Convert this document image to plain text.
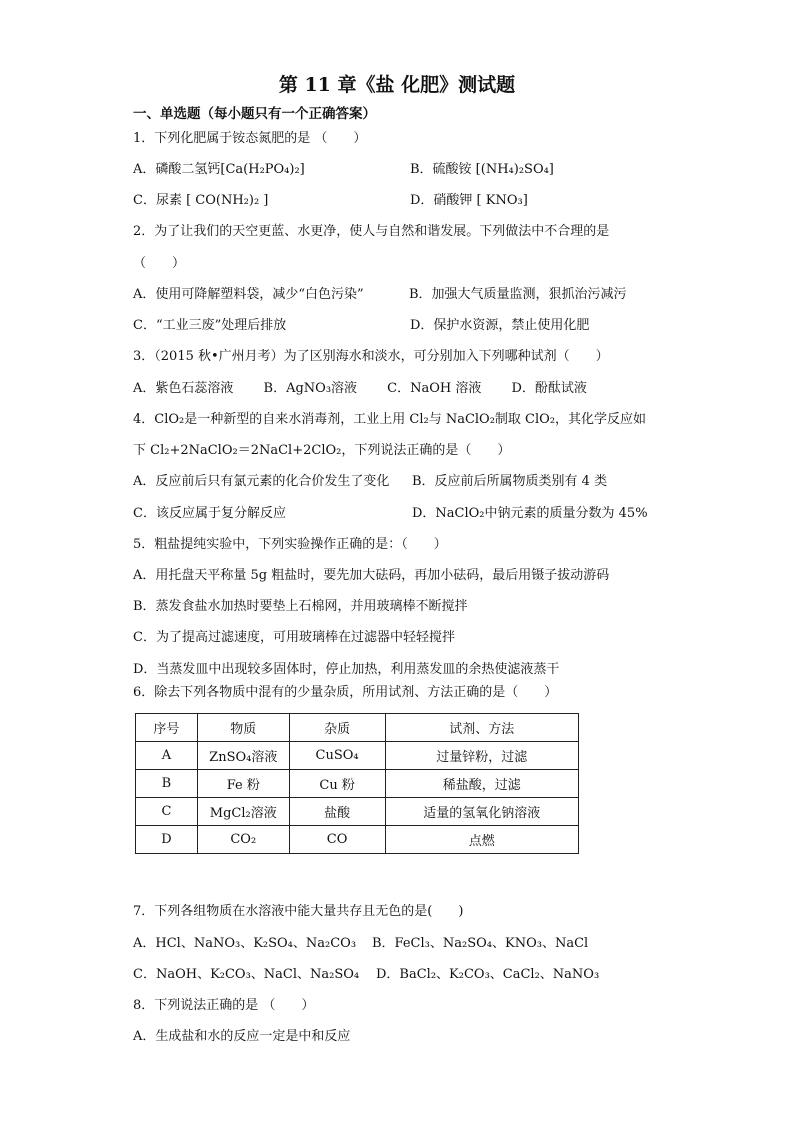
第 11 章《盐 化肥》测试题
一、单选题（每小题只有一个正确答案）
1．下列化肥属于铵态氮肥的是 （　　）
A．磷酸二氢钙[Ca(H₂PO₄)₂]	B．硫酸铵 [(NH₄)₂SO₄]
C．尿素 [ CO(NH₂)₂ ]	D．硝酸钾 [ KNO₃]
2．为了让我们的天空更蓝、水更净，使人与自然和谐发展。下列做法中不合理的是
（　　）
A．使用可降解塑料袋，减少“白色污染”	B．加强大气质量监测，狠抓治污减污
C．“工业三废”处理后排放	D．保护水资源，禁止使用化肥
3．（2015 秋•广州月考）为了区别海水和淡水，可分别加入下列哪种试剂（　　）
A．紫色石蕊溶液　　 B．AgNO₃溶液　　 C．NaOH 溶液　　 D．酚酞试液
4．ClO₂是一种新型的自来水消毒剂，工业上用 Cl₂与 NaClO₂制取 ClO₂，其化学反应如
下 Cl₂+2NaClO₂＝2NaCl+2ClO₂，下列说法正确的是（　　）
A．反应前后只有氯元素的化合价发生了变化 B．反应前后所属物质类别有 4 类
C．该反应属于复分解反应	D．NaClO₂中钠元素的质量分数为 45%
5．粗盐提纯实验中，下列实验操作正确的是：（　　）
A．用托盘天平称量 5g 粗盐时，要先加大砝码，再加小砝码，最后用镊子拔动游码
B．蒸发食盐水加热时要垫上石棉网，并用玻璃棒不断搅拌
C．为了提高过滤速度，可用玻璃棒在过滤器中轻轻搅拌
D．当蒸发皿中出现较多固体时，停止加热，利用蒸发皿的余热使滤液蒸干
6．除去下列各物质中混有的少量杂质，所用试剂、方法正确的是（　　）
序号	物质	杂质	试剂、方法
A	ZnSO₄溶液	CuSO₄	过量锌粉，过滤
B	Fe 粉	Cu 粉	稀盐酸，过滤
C	MgCl₂溶液	盐酸	适量的氢氧化钠溶液
D	CO₂	CO	点燃
7．下列各组物质在水溶液中能大量共存且无色的是(　　)
A．HCl、NaNO₃、K₂SO₄、Na₂CO₃ B．FeCl₃、Na₂SO₄、KNO₃、NaCl
C．NaOH、K₂CO₃、NaCl、Na₂SO₄ D．BaCl₂、K₂CO₃、CaCl₂、NaNO₃
8．下列说法正确的是 （　　）
A．生成盐和水的反应一定是中和反应
